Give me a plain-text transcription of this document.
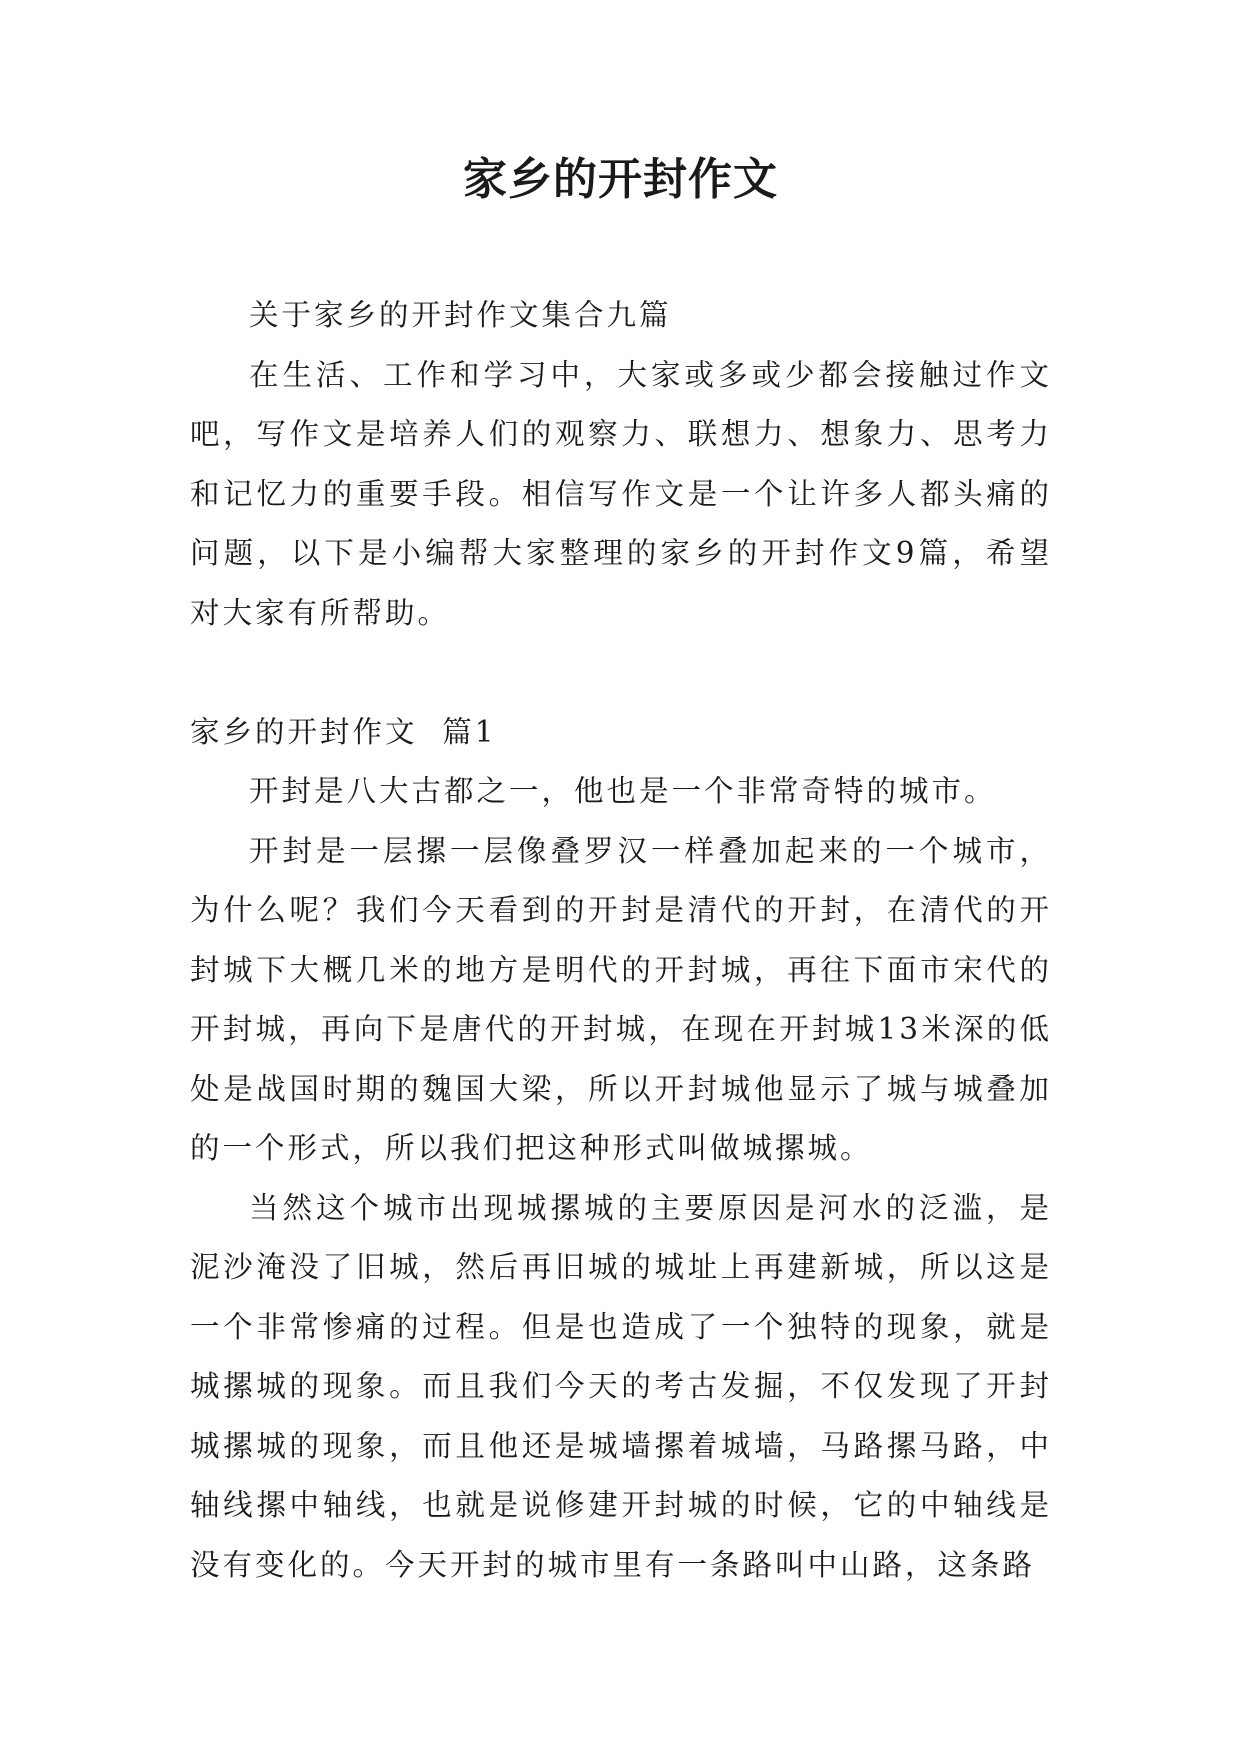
家乡的开封作文

关于家乡的开封作文集合九篇

在生活、工作和学习中，大家或多或少都会接触过作文吧，写作文是培养人们的观察力、联想力、想象力、思考力和记忆力的重要手段。相信写作文是一个让许多人都头痛的问题，以下是小编帮大家整理的家乡的开封作文9篇，希望对大家有所帮助。

家乡的开封作文  篇1

开封是八大古都之一，他也是一个非常奇特的城市。

开封是一层摞一层像叠罗汉一样叠加起来的一个城市，为什么呢？我们今天看到的开封是清代的开封，在清代的开封城下大概几米的地方是明代的开封城，再往下面市宋代的开封城，再向下是唐代的开封城，在现在开封城13米深的低处是战国时期的魏国大梁，所以开封城他显示了城与城叠加的一个形式，所以我们把这种形式叫做城摞城。

当然这个城市出现城摞城的主要原因是河水的泛滥，是泥沙淹没了旧城，然后再旧城的城址上再建新城，所以这是一个非常惨痛的过程。但是也造成了一个独特的现象，就是城摞城的现象。而且我们今天的考古发掘，不仅发现了开封城摞城的现象，而且他还是城墙摞着城墙，马路摞马路，中轴线摞中轴线，也就是说修建开封城的时候，它的中轴线是没有变化的。今天开封的城市里有一条路叫中山路，这条路
